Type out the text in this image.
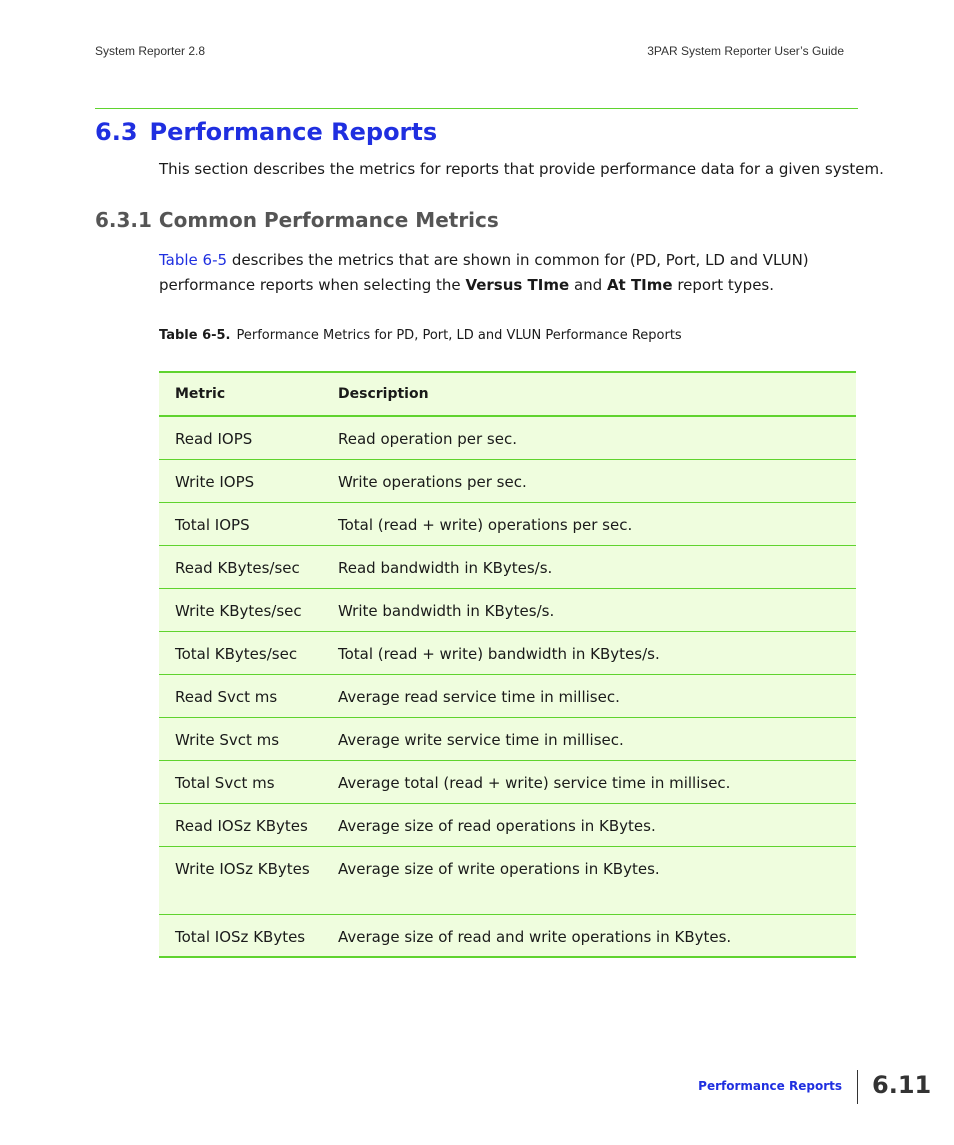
System Reporter 2.8	3PAR System Reporter User’s Guide
6.3 Performance Reports
This section describes the metrics for reports that provide performance data for a given system.
6.3.1 Common Performance Metrics

Table 6-5 describes the metrics that are shown in common for (PD, Port, LD and VLUN) performance reports when selecting the Versus TIme and At TIme report types.

Table 6-5. Performance Metrics for PD, Port, LD and VLUN Performance Reports
Metric	Description
Read IOPS	Read operation per sec.
Write IOPS	Write operations per sec.
Total IOPS	Total (read + write) operations per sec.
Read KBytes/sec	Read bandwidth in KBytes/s.
Write KBytes/sec	Write bandwidth in KBytes/s.
Total KBytes/sec	Total (read + write) bandwidth in KBytes/s.
Read Svct ms	Average read service time in millisec.
Write Svct ms	Average write service time in millisec.
Total Svct ms	Average total (read + write) service time in millisec.
Read IOSz KBytes	Average size of read operations in KBytes.
Write IOSz KBytes	Average size of write operations in KBytes.
Total IOSz KBytes	Average size of read and write operations in KBytes.
Performance Reports 6.11
